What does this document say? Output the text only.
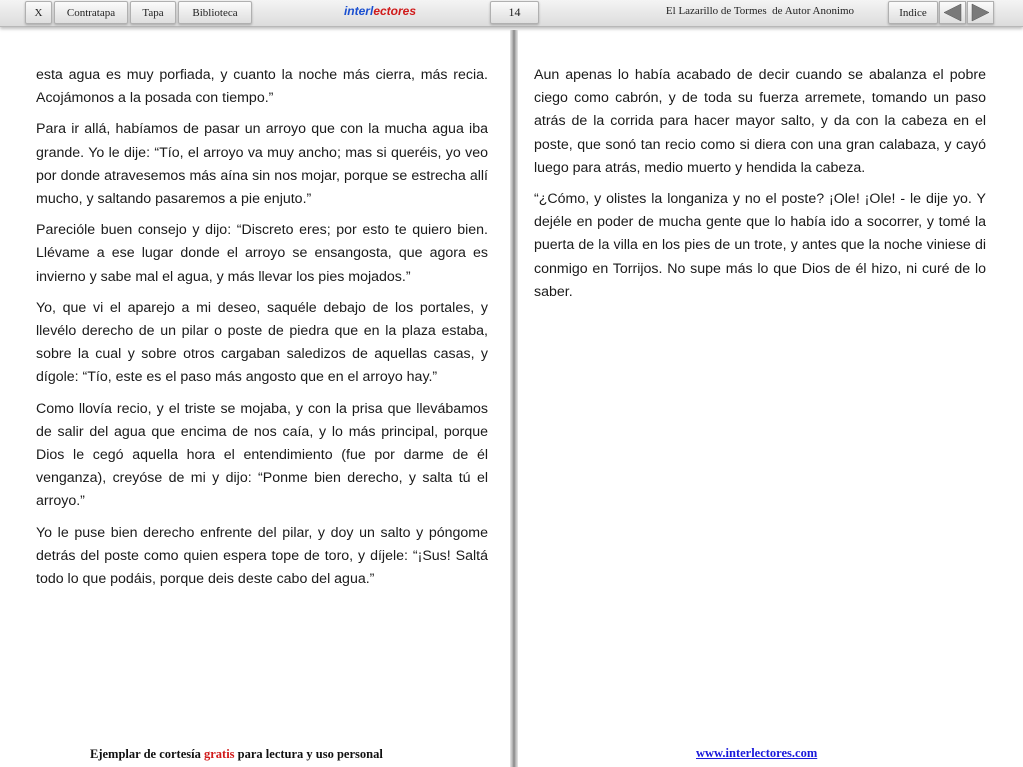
X	Contratapa	Tapa	Biblioteca	interlectores	14	El Lazarillo de Tormes  de Autor Anonimo	Indice

esta agua es muy porfiada, y cuanto la noche más cierra, más recia. Acojámonos a la posada con tiempo.”

Para ir allá, habíamos de pasar un arroyo que con la mucha agua iba grande. Yo le dije: “Tío, el arroyo va muy ancho; mas si queréis, yo veo por donde atravesemos más aína sin nos mojar, porque se estrecha allí mucho, y saltando pasaremos a pie enjuto.”

Parecióle buen consejo y dijo: “Discreto eres; por esto te quiero bien. Llévame a ese lugar donde el arroyo se ensangosta, que agora es invierno y sabe mal el agua, y más llevar los pies mojados.”

Yo, que vi el aparejo a mi deseo, saquéle debajo de los portales, y llevélo derecho de un pilar o poste de piedra que en la plaza estaba, sobre la cual y sobre otros cargaban saledizos de aquellas casas, y dígole: “Tío, este es el paso más angosto que en el arroyo hay.”

Como llovía recio, y el triste se mojaba, y con la prisa que llevábamos de salir del agua que encima de nos caía, y lo más principal, porque Dios le cegó aquella hora el entendimiento (fue por darme de él venganza), creyóse de mi y dijo: “Ponme bien derecho, y salta tú el arroyo.”

Yo le puse bien derecho enfrente del pilar, y doy un salto y póngome detrás del poste como quien espera tope de toro, y díjele: “¡Sus! Saltá todo lo que podáis, porque deis deste cabo del agua.”

Aun apenas lo había acabado de decir cuando se abalanza el pobre ciego como cabrón, y de toda su fuerza arremete, tomando un paso atrás de la corrida para hacer mayor salto, y da con la cabeza en el poste, que sonó tan recio como si diera con una gran calabaza, y cayó luego para atrás, medio muerto y hendida la cabeza.

“¿Cómo, y olistes la longaniza y no el poste? ¡Ole! ¡Ole! - le dije yo. Y dejéle en poder de mucha gente que lo había ido a socorrer, y tomé la puerta de la villa en los pies de un trote, y antes que la noche viniese di conmigo en Torrijos. No supe más lo que Dios de él hizo, ni curé de lo saber.

Ejemplar de cortesía gratis para lectura y uso personal	www.interlectores.com
